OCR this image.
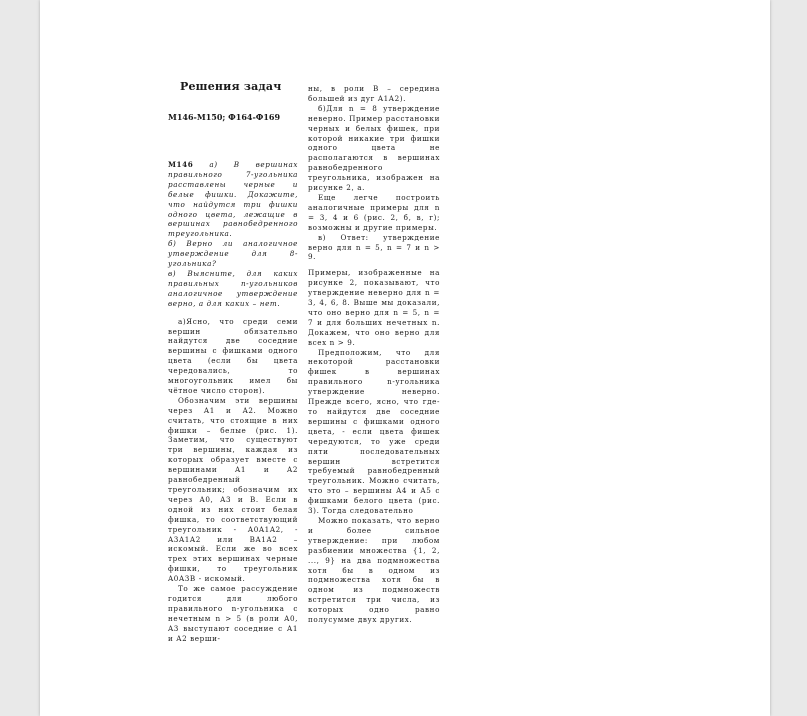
Решения задач
М146-М150; Ф164-Ф169

М146 а) В вершинах правильного 7-угольника расставлены черные и белые фишки. Докажите, что найдутся три фишки одного цвета, лежащие в вершинах равнобедренного треугольника.

б) Верно ли аналогичное утверждение для 8-угольника?

в) Выясните, для каких правильных n-угольников аналогичное утверждение верно, а для каких – нет.

а)Ясно, что среди семи вершин обязательно найдутся две соседние вершины с фишками одного цвета (если бы цвета чередовались, то многоугольник имел бы чётное число сторон).

Обозначим эти вершины через A1 и A2. Можно считать, что стоящие в них фишки – белые (рис. 1). Заметим, что существуют три вершины, каждая из которых образует вместе с вершинами A1 и A2 равнобедренный треугольник; обозначим их через A0, A3 и B. Если в одной из них стоит белая фишка, то соответствующий треугольник - A0A1A2, - A3A1A2 или BA1A2 – искомый. Если же во всех трех этих вершинах черные фишки, то треугольник A0A3B - искомый.

То же самое рассуждение годится для любого правильного n-угольника с нечетным n > 5 (в роли A0, A3 выступают соседние с A1 и A2 верши-

ны, в роли B – середина большей из дуг A1A2).

б)Для n = 8 утверждение неверно. Пример расстановки черных и белых фишек, при которой никакие три фишки одного цвета не располагаются в вершинах равнобедренного треугольника, изображен на рисунке 2, а.

Еще легче построить аналогичные примеры для n = 3, 4 и 6 (рис. 2, б, в, г); возможны и другие примеры.

в) Ответ: утверждение верно для n = 5, n = 7 и n > 9.

Примеры, изображенные на рисунке 2, показывают, что утверждение неверно для n = 3, 4, 6, 8. Выше мы доказали, что оно верно для n = 5, n = 7 и для больших нечетных n. Докажем, что оно верно для всех n > 9.

Предположим, что для некоторой расстановки фишек в вершинах правильного n-угольника утверждение неверно. Прежде всего, ясно, что где-то найдутся две соседние вершины с фишками одного цвета, - если цвета фишек чередуются, то уже среди пяти последовательных вершин встретится требуемый равнобедренный треугольник. Можно считать, что это – вершины A4 и A5 с фишками белого цвета (рис. 3). Тогда следовательно

Можно показать, что верно и более сильное утверждение: при любом разбиении множества {1, 2, ..., 9} на два подмножества хотя бы в одном из подмножества хотя бы в одном из подмножеств встретится три числа, из которых одно равно полусумме двух других.
